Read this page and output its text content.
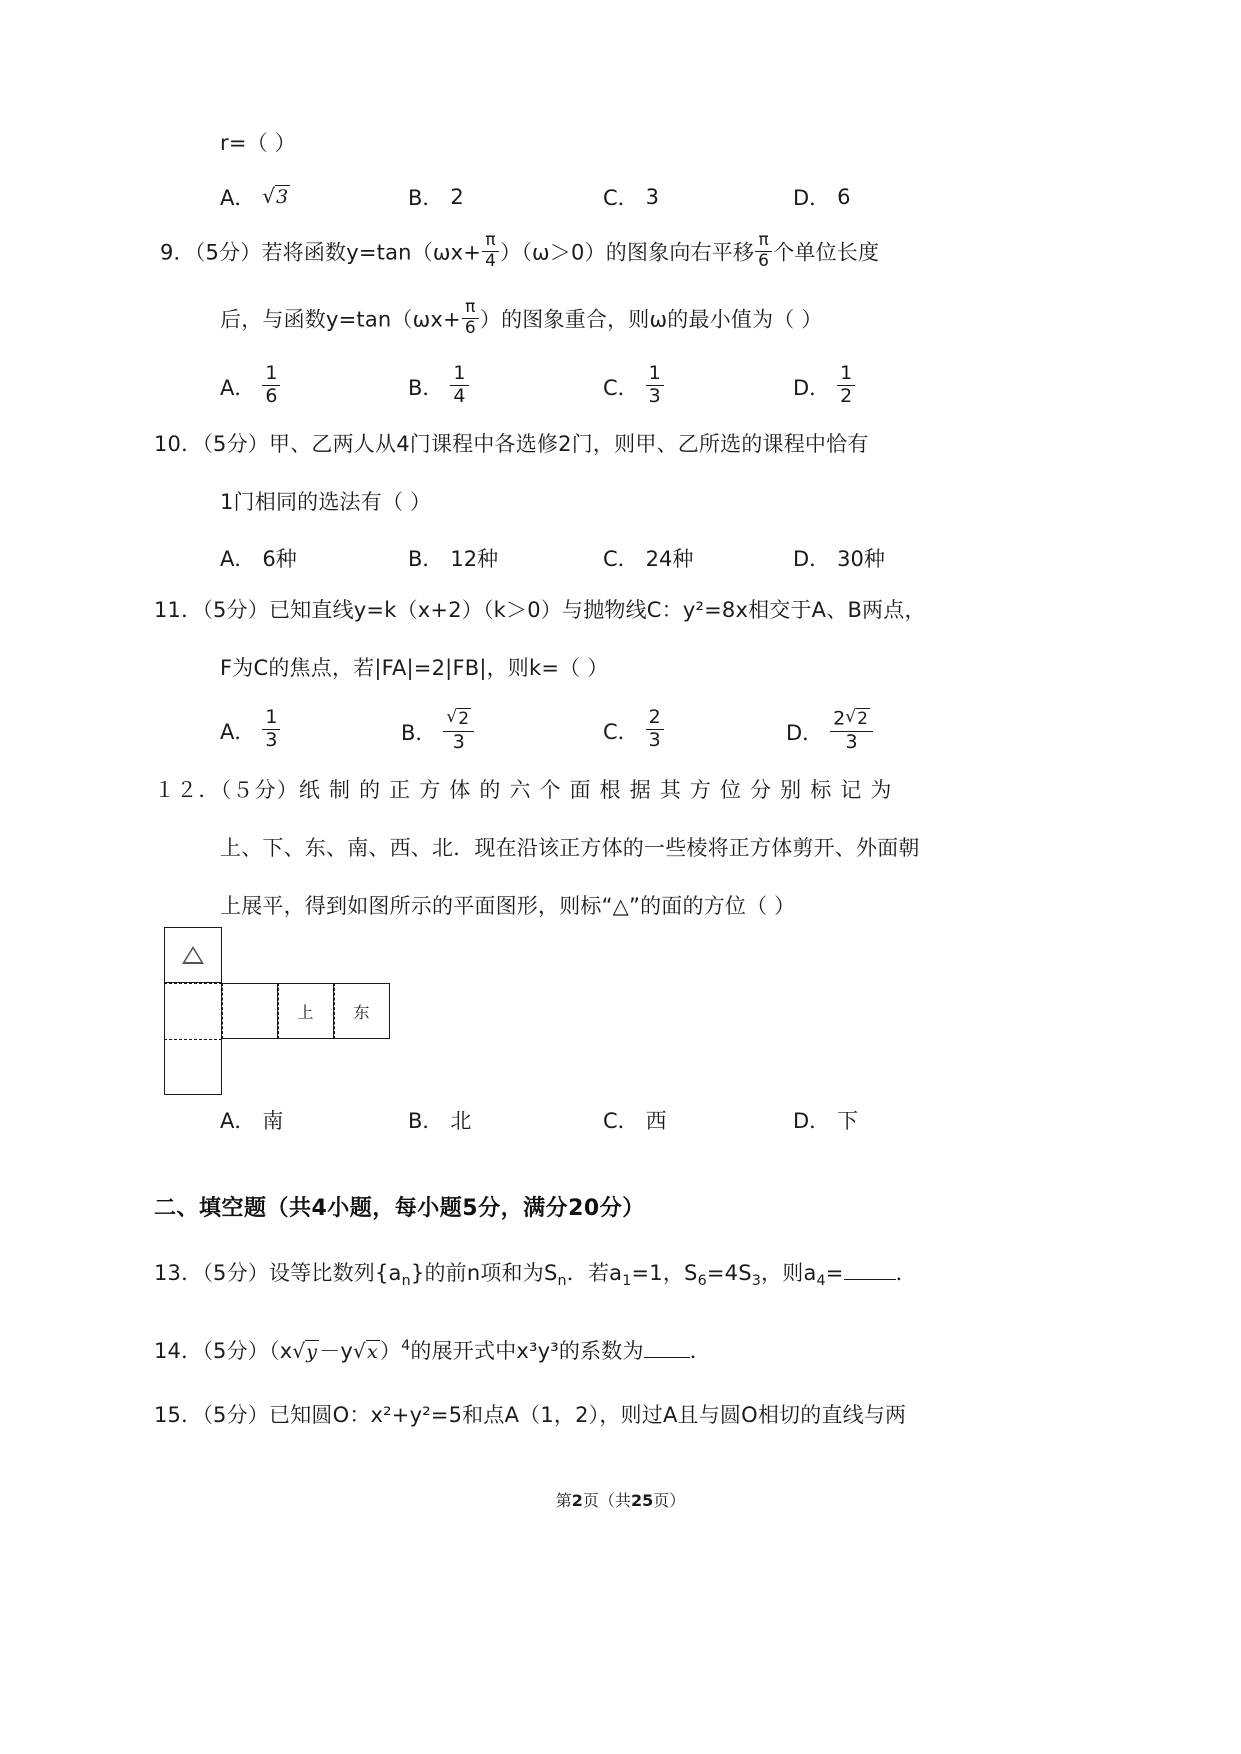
r=（ ）
A． √ 3	B． 2	C． 3	D． 6
9．（5分）若将函数$y=\tan(\omega x+ \frac{\pi}{4} )(\omega>0)$的图象向右平移 $\frac{\pi}{6}$ 个单位长度
后，与函数$y=\tan(\omega x+ \frac{\pi}{6}$ ）的图象重合，则ω的最小值为（ ）
A． $\frac{1}{6}$	B． $\frac{1}{4}$	C． $\frac{1}{3}$	D． $\frac{1}{2}$
10．（5分）甲、乙两人从4门课程中各选修2门，则甲、乙所选的课程中恰有
1门相同的选法有（ ）
A． 6种	B． 12种	C． 24种	D． 30种
11．（5分）已知直线y=k（x+2）（k＞0）与抛物线C：y²=8x相交于A、B两点，
F为C的焦点，若|FA|=2|FB|，则k=（ ）
A． $\frac{1}{3}$	B． $\frac{√ 2}{3}$	C． $\frac{2}{3}$	D． $\frac{2 √ 2}{3}$
１２．（５分）纸 制 的 正 方 体 的 六 个 面 根 据 其 方 位 分 别 标 记 为
上、下、东、南、西、北．现在沿该正方体的一些棱将正方体剪开、外面朝
上展平，得到如图所示的平面图形，则标“△”的面的方位（ ）
上 东
A． 南	B． 北	C． 西	D． 下
二、填空题（共4小题，每小题5分，满分20分）
13．（5分）设等比数列$\{a_n\}$的前n项和为$S_n$．若$a_1=1$，$S_6=4S_3$，则$a_4=$ ．
14．（5分）（x √ y －y √ x ）$^4$的展开式中x³y³的系数为 ．
15．（5分）已知圆O：x²+y²=5和点A（1，2），则过A且与圆O相切的直线与两
第2页（共25页）
